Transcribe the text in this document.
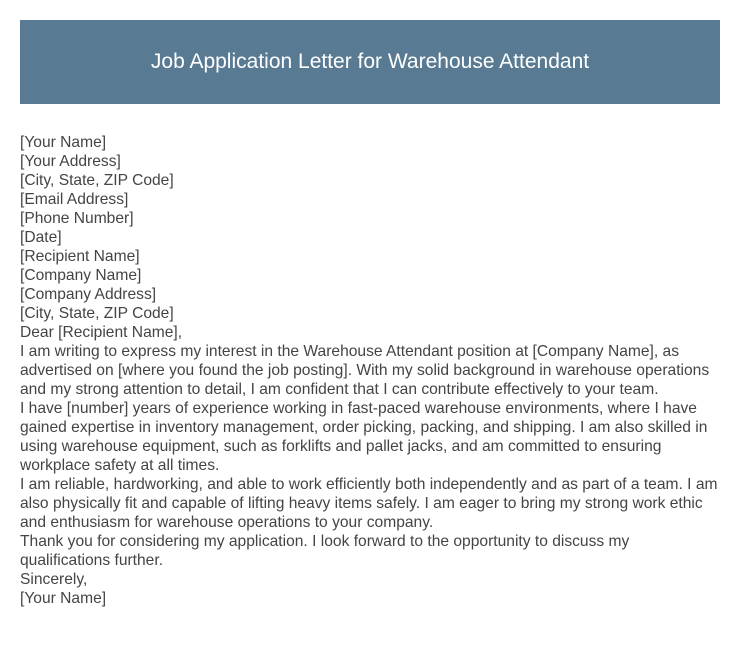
Job Application Letter for Warehouse Attendant
[Your Name]
[Your Address]
[City, State, ZIP Code]
[Email Address]
[Phone Number]
[Date]
[Recipient Name]
[Company Name]
[Company Address]
[City, State, ZIP Code]
Dear [Recipient Name],

I am writing to express my interest in the Warehouse Attendant position at [Company Name], as advertised on [where you found the job posting]. With my solid background in warehouse operations and my strong attention to detail, I am confident that I can contribute effectively to your team.

I have [number] years of experience working in fast-paced warehouse environments, where I have gained expertise in inventory management, order picking, packing, and shipping. I am also skilled in using warehouse equipment, such as forklifts and pallet jacks, and am committed to ensuring workplace safety at all times.

I am reliable, hardworking, and able to work efficiently both independently and as part of a team. I am also physically fit and capable of lifting heavy items safely. I am eager to bring my strong work ethic and enthusiasm for warehouse operations to your company.

Thank you for considering my application. I look forward to the opportunity to discuss my qualifications further.

Sincerely,
[Your Name]
